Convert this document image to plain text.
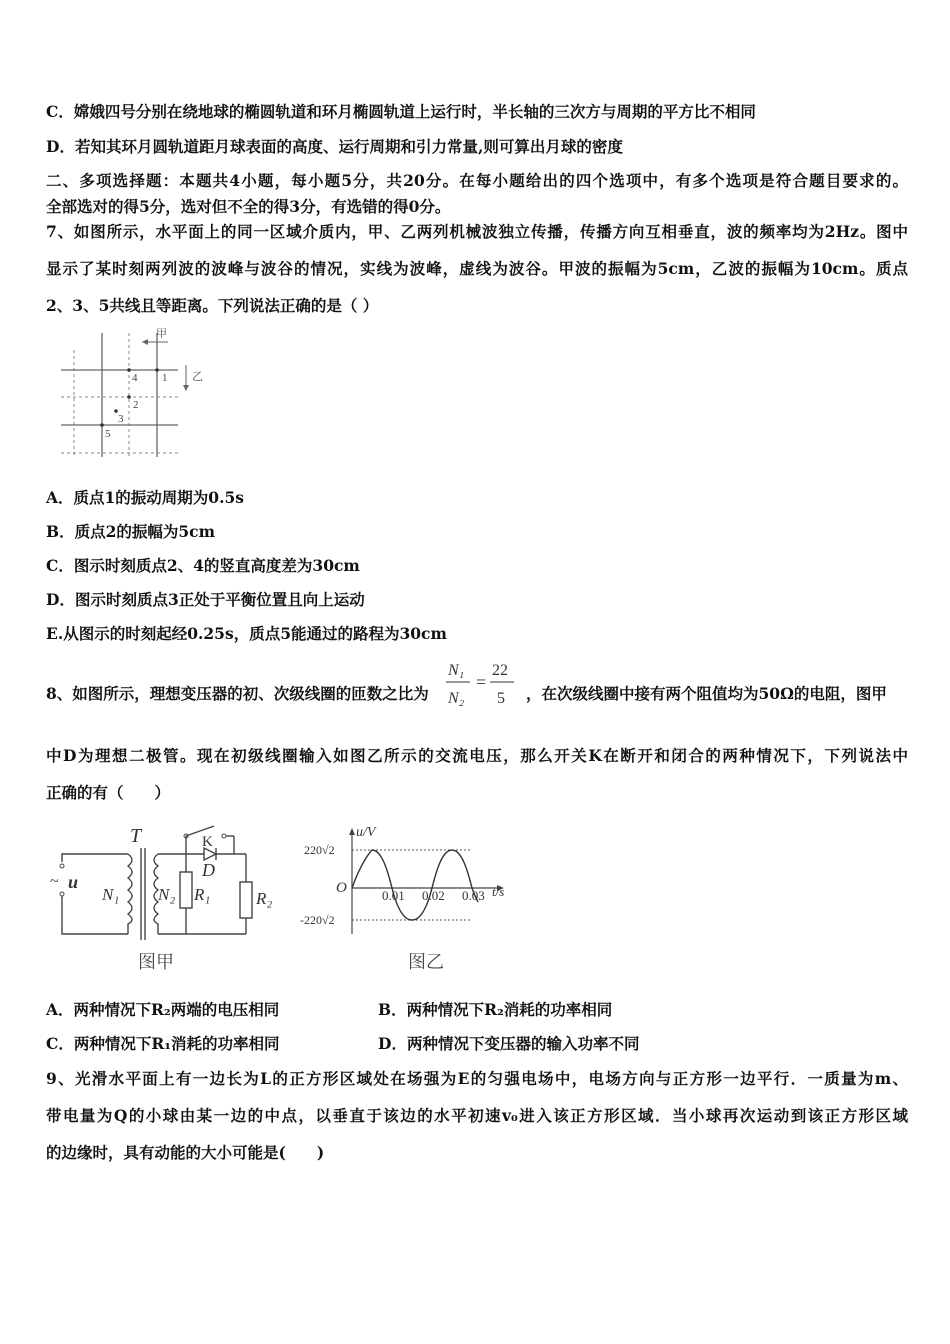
C．嫦娥四号分别在绕地球的椭圆轨道和环月椭圆轨道上运行时，半长轴的三次方与周期的平方比不相同
D．若知其环月圆轨道距月球表面的高度、运行周期和引力常量,则可算出月球的密度
二、多项选择题：本题共4小题，每小题5分，共20分。在每小题给出的四个选项中，有多个选项是符合题目要求的。
全部选对的得5分，选对但不全的得3分，有选错的得0分。
7、如图所示，水平面上的同一区域介质内，甲、乙两列机械波独立传播，传播方向互相垂直，波的频率均为2Hz。图中
显示了某时刻两列波的波峰与波谷的情况，实线为波峰，虚线为波谷。甲波的振幅为5cm，乙波的振幅为10cm。质点
2、3、5共线且等距离。下列说法正确的是（ ）
甲
乙
4 1
2
3
5
A．质点1的振动周期为0.5s
B．质点2的振幅为5cm
C．图示时刻质点2、4的竖直高度差为30cm
D．图示时刻质点3正处于平衡位置且向上运动
E.从图示的时刻起经0.25s，质点5能通过的路程为30cm
8、如图所示，理想变压器的初、次级线圈的匝数之比为
N₁
N₂
=
22
5 ，在次级线圈中接有两个阻值均为50Ω的电阻，图甲
中D为理想二极管。现在初级线圈输入如图乙所示的交流电压，那么开关K在断开和闭合的两种情况下，下列说法中
正确的有（　　）
~ u
N₁
T
N₂ R₁
K
D
R₂
图甲
u/V
t/s
O
220√2
-220√2
0.01 0.02 0.03
图乙
A．两种情况下R₂两端的电压相同	B．两种情况下R₂消耗的功率相同
C．两种情况下R₁消耗的功率相同	D．两种情况下变压器的输入功率不同
9、光滑水平面上有一边长为L的正方形区域处在场强为E的匀强电场中，电场方向与正方形一边平行．一质量为m、
带电量为Q的小球由某一边的中点，以垂直于该边的水平初速v₀进入该正方形区域．当小球再次运动到该正方形区域
的边缘时，具有动能的大小可能是(　　)
